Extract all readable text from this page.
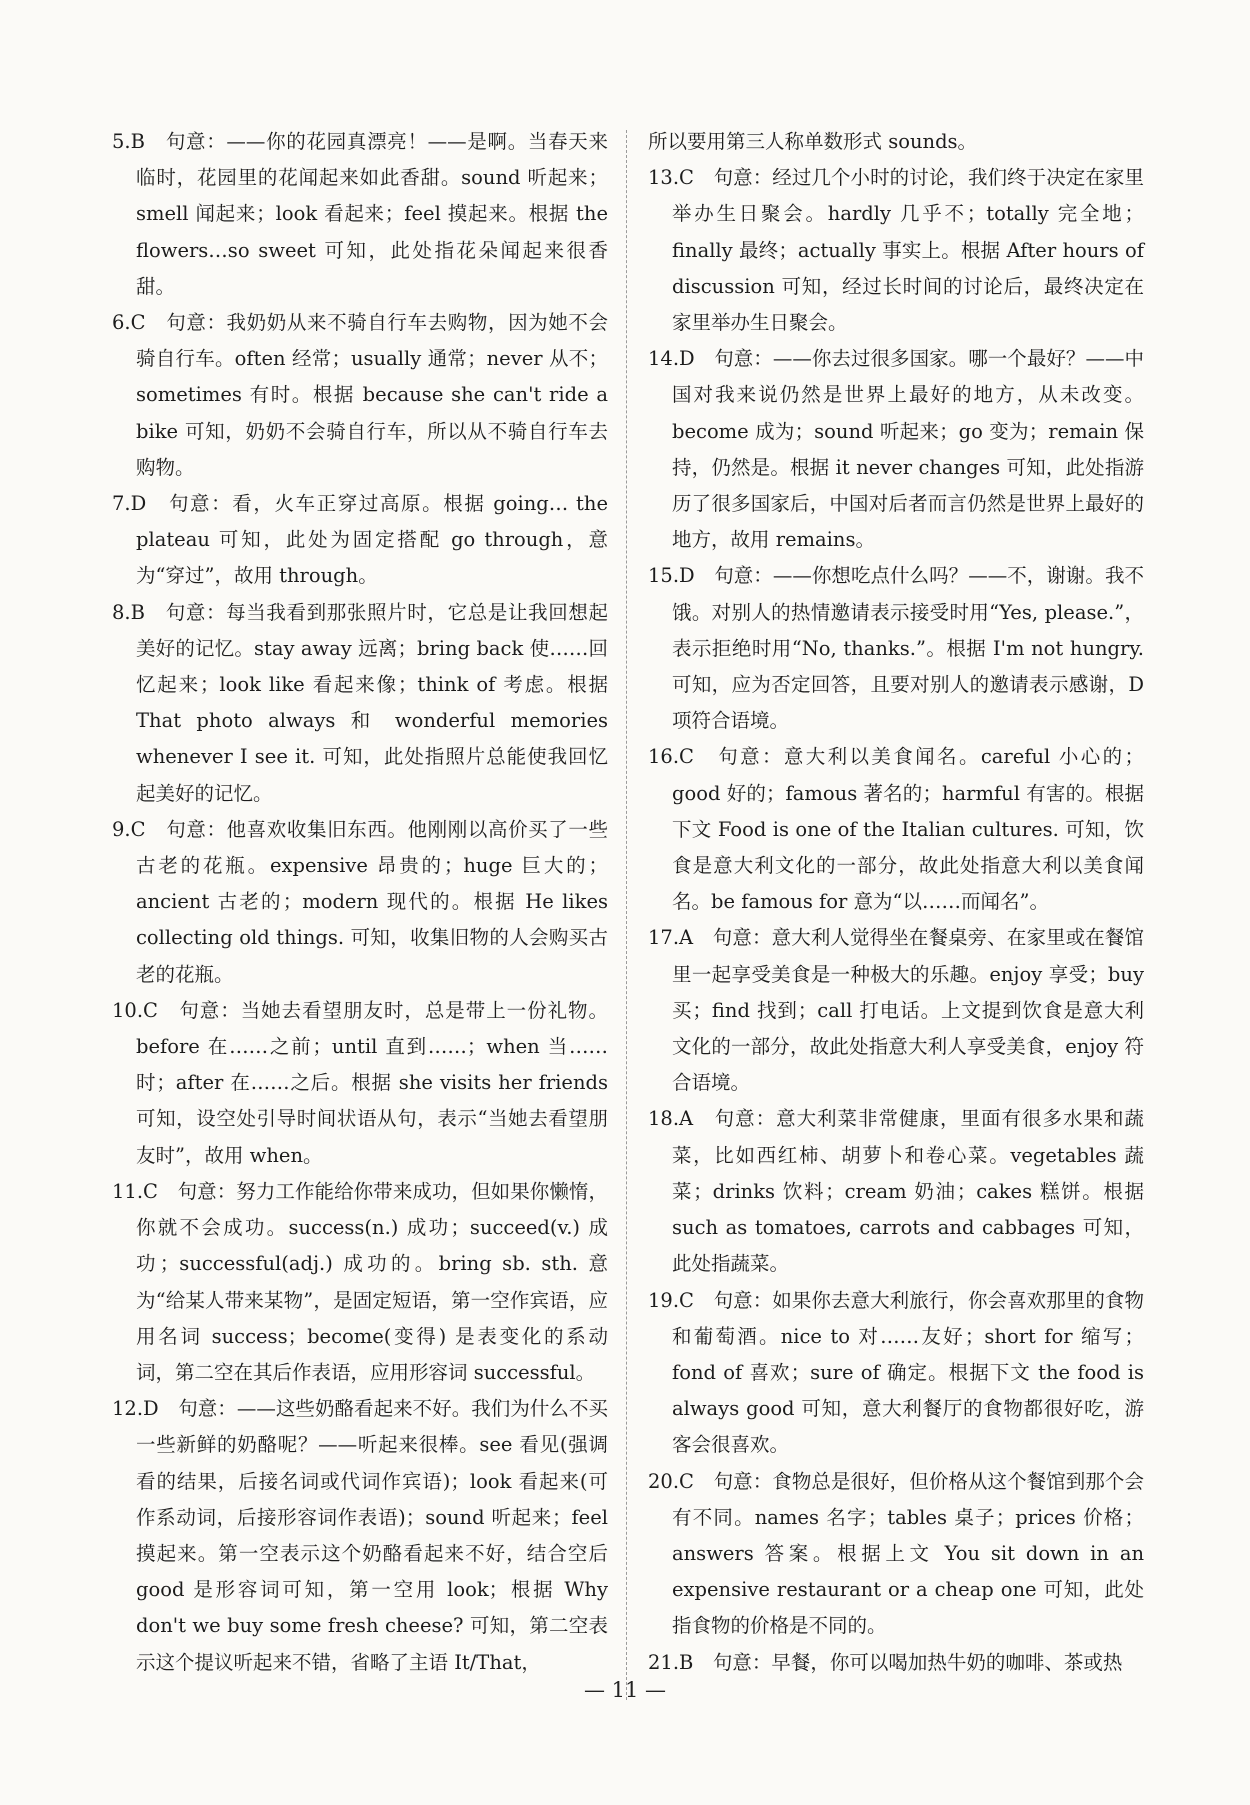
5.B　句意：——你的花园真漂亮！——是啊。当春天来临时，花园里的花闻起来如此香甜。sound 听起来；smell 闻起来；look 看起来；feel 摸起来。根据 the flowers…so sweet 可知，此处指花朵闻起来很香甜。

6.C　句意：我奶奶从来不骑自行车去购物，因为她不会骑自行车。often 经常；usually 通常；never 从不；sometimes 有时。根据 because she can't ride a bike 可知，奶奶不会骑自行车，所以从不骑自行车去购物。

7.D　句意：看，火车正穿过高原。根据 going… the plateau 可知，此处为固定搭配 go through，意为“穿过”，故用 through。

8.B　句意：每当我看到那张照片时，它总是让我回想起美好的记忆。stay away 远离；bring back 使……回忆起来；look like 看起来像；think of 考虑。根据 That photo always 和 wonderful memories whenever I see it. 可知，此处指照片总能使我回忆起美好的记忆。

9.C　句意：他喜欢收集旧东西。他刚刚以高价买了一些古老的花瓶。expensive 昂贵的；huge 巨大的；ancient 古老的；modern 现代的。根据 He likes collecting old things. 可知，收集旧物的人会购买古老的花瓶。

10.C　句意：当她去看望朋友时，总是带上一份礼物。before 在……之前；until 直到……；when 当……时；after 在……之后。根据 she visits her friends 可知，设空处引导时间状语从句，表示“当她去看望朋友时”，故用 when。

11.C　句意：努力工作能给你带来成功，但如果你懒惰，你就不会成功。success(n.) 成功；succeed(v.) 成功；successful(adj.) 成功的。bring sb. sth. 意为“给某人带来某物”，是固定短语，第一空作宾语，应用名词 success；become(变得) 是表变化的系动词，第二空在其后作表语，应用形容词 successful。

12.D　句意：——这些奶酪看起来不好。我们为什么不买一些新鲜的奶酪呢？——听起来很棒。see 看见(强调看的结果，后接名词或代词作宾语)；look 看起来(可作系动词，后接形容词作表语)；sound 听起来；feel 摸起来。第一空表示这个奶酪看起来不好，结合空后 good 是形容词可知，第一空用 look；根据 Why don't we buy some fresh cheese? 可知，第二空表示这个提议听起来不错，省略了主语 It/That，

所以要用第三人称单数形式 sounds。

13.C　句意：经过几个小时的讨论，我们终于决定在家里举办生日聚会。hardly 几乎不；totally 完全地；finally 最终；actually 事实上。根据 After hours of discussion 可知，经过长时间的讨论后，最终决定在家里举办生日聚会。

14.D　句意：——你去过很多国家。哪一个最好？——中国对我来说仍然是世界上最好的地方，从未改变。become 成为；sound 听起来；go 变为；remain 保持，仍然是。根据 it never changes 可知，此处指游历了很多国家后，中国对后者而言仍然是世界上最好的地方，故用 remains。

15.D　句意：——你想吃点什么吗？——不，谢谢。我不饿。对别人的热情邀请表示接受时用“Yes, please.”，表示拒绝时用“No, thanks.”。根据 I'm not hungry. 可知，应为否定回答，且要对别人的邀请表示感谢，D 项符合语境。

16.C　句意：意大利以美食闻名。careful 小心的；good 好的；famous 著名的；harmful 有害的。根据下文 Food is one of the Italian cultures. 可知，饮食是意大利文化的一部分，故此处指意大利以美食闻名。be famous for 意为“以……而闻名”。

17.A　句意：意大利人觉得坐在餐桌旁、在家里或在餐馆里一起享受美食是一种极大的乐趣。enjoy 享受；buy 买；find 找到；call 打电话。上文提到饮食是意大利文化的一部分，故此处指意大利人享受美食，enjoy 符合语境。

18.A　句意：意大利菜非常健康，里面有很多水果和蔬菜，比如西红柿、胡萝卜和卷心菜。vegetables 蔬菜；drinks 饮料；cream 奶油；cakes 糕饼。根据 such as tomatoes, carrots and cabbages 可知，此处指蔬菜。

19.C　句意：如果你去意大利旅行，你会喜欢那里的食物和葡萄酒。nice to 对……友好；short for 缩写；fond of 喜欢；sure of 确定。根据下文 the food is always good 可知，意大利餐厅的食物都很好吃，游客会很喜欢。

20.C　句意：食物总是很好，但价格从这个餐馆到那个会有不同。names 名字；tables 桌子；prices 价格；answers 答案。根据上文 You sit down in an expensive restaurant or a cheap one 可知，此处指食物的价格是不同的。

21.B　句意：早餐，你可以喝加热牛奶的咖啡、茶或热

— 11 —
